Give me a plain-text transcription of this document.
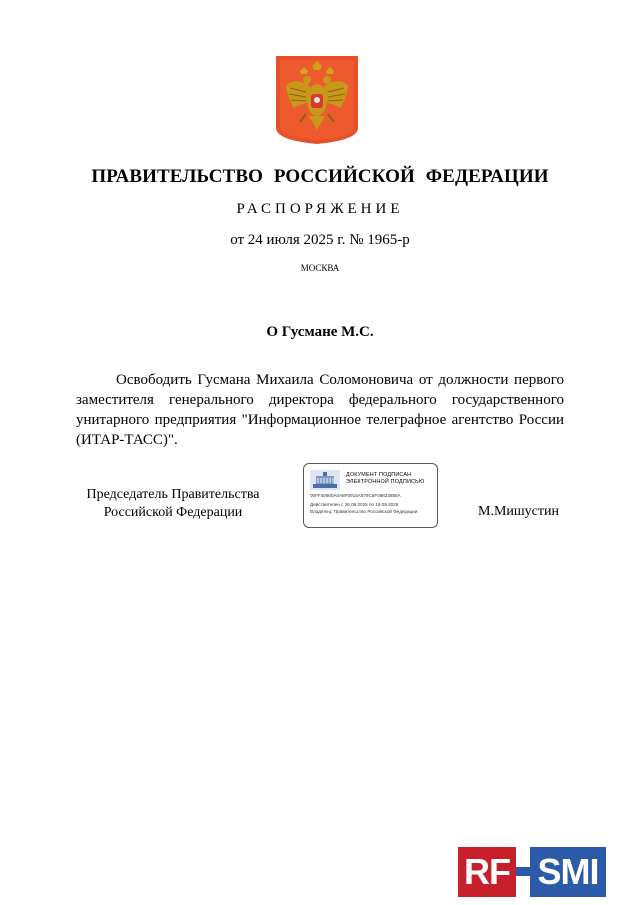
ПРАВИТЕЛЬСТВО РОССИЙСКОЙ ФЕДЕРАЦИИ
РАСПОРЯЖЕНИЕ
от 24 июля 2025 г. № 1965-р
МОСКВА
О Гусмане М.С.
Освободить Гусмана Михаила Соломоновича от должности первого заместителя генерального директора федерального государственного унитарного предприятия "Информационное телеграфное агентство России (ИТАР-ТАСС)".
Председатель Правительства
Российской Федерации
ДОКУМЕНТ ПОДПИСАН
ЭЛЕКТРОННОЙ ПОДПИСЬЮ
00FF40900A0A8F0915A579C5F09823885A
Действителен с 26.06.2025 по 19.09.2026
Владелец: Правительство Российской Федерации	М.Мишустин
RF SMI
